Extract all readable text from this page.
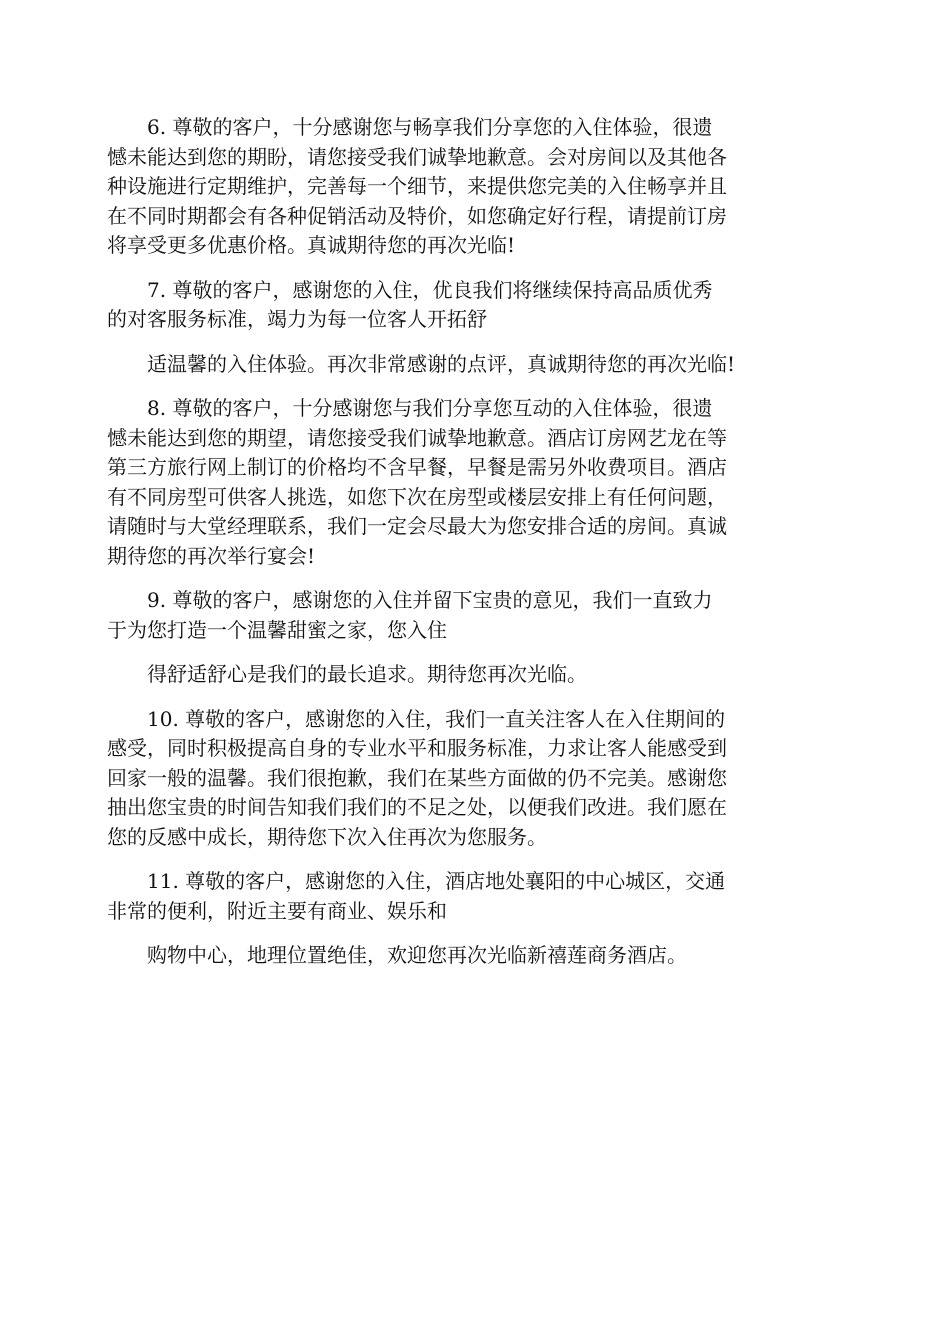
6. 尊敬的客户，十分感谢您与畅享我们分享您的入住体验，很遗
憾未能达到您的期盼，请您接受我们诚挚地歉意。会对房间以及其他各
种设施进行定期维护，完善每一个细节，来提供您完美的入住畅享并且
在不同时期都会有各种促销活动及特价，如您确定好行程，请提前订房
将享受更多优惠价格。真诚期待您的再次光临!

7. 尊敬的客户，感谢您的入住，优良我们将继续保持高品质优秀
的对客服务标准，竭力为每一位客人开拓舒

适温馨的入住体验。再次非常感谢的点评，真诚期待您的再次光临!

8. 尊敬的客户，十分感谢您与我们分享您互动的入住体验，很遗
憾未能达到您的期望，请您接受我们诚挚地歉意。酒店订房网艺龙在等
第三方旅行网上制订的价格均不含早餐，早餐是需另外收费项目。酒店
有不同房型可供客人挑选，如您下次在房型或楼层安排上有任何问题，
请随时与大堂经理联系，我们一定会尽最大为您安排合适的房间。真诚
期待您的再次举行宴会!

9. 尊敬的客户，感谢您的入住并留下宝贵的意见，我们一直致力
于为您打造一个温馨甜蜜之家，您入住

得舒适舒心是我们的最长追求。期待您再次光临。

10. 尊敬的客户，感谢您的入住，我们一直关注客人在入住期间的
感受，同时积极提高自身的专业水平和服务标准，力求让客人能感受到
回家一般的温馨。我们很抱歉，我们在某些方面做的仍不完美。感谢您
抽出您宝贵的时间告知我们我们的不足之处，以便我们改进。我们愿在
您的反感中成长，期待您下次入住再次为您服务。

11. 尊敬的客户，感谢您的入住，酒店地处襄阳的中心城区，交通
非常的便利，附近主要有商业、娱乐和

购物中心，地理位置绝佳，欢迎您再次光临新禧莲商务酒店。
